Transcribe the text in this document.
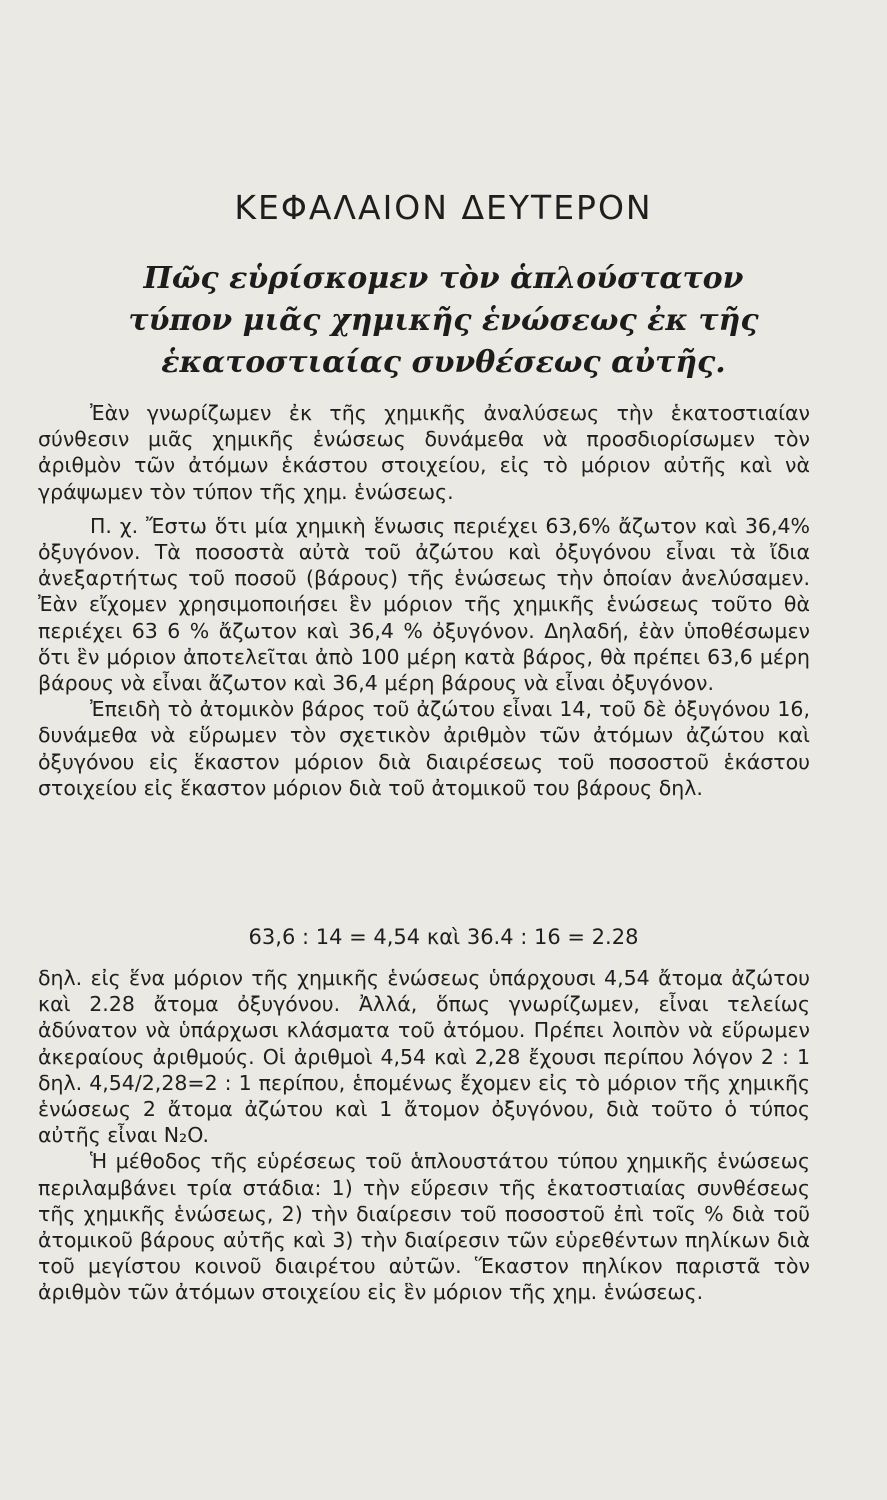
ΚΕΦΑΛΑΙΟΝ ΔΕΥΤΕΡΟΝ
Πῶς εὑρίσκομεν τὸν ἁπλούστατον τύπον μιᾶς χημικῆς ἑνώσεως ἐκ τῆς ἑκατοστιαίας συνθέσεως αὐτῆς.

Ἐὰν γνωρίζωμεν ἐκ τῆς χημικῆς ἀναλύσεως τὴν ἑκατοστιαίαν σύνθεσιν μιᾶς χημικῆς ἑνώσεως δυνάμεθα νὰ προσδιορίσωμεν τὸν ἀριθμὸν τῶν ἀτόμων ἑκάστου στοιχείου, εἰς τὸ μόριον αὐτῆς καὶ νὰ γράψωμεν τὸν τύπον τῆς χημ. ἑνώσεως.

Π. χ. Ἔστω ὅτι μία χημικὴ ἕνωσις περιέχει 63,6% ἄζωτον καὶ 36,4% ὀξυγόνον. Τὰ ποσοστὰ αὐτὰ τοῦ ἀζώτου καὶ ὀξυγόνου εἶναι τὰ ἴδια ἀνεξαρτήτως τοῦ ποσοῦ (βάρους) τῆς ἑνώσεως τὴν ὁποίαν ἀνελύσαμεν. Ἐὰν εἴχομεν χρησιμοποιήσει ἓν μόριον τῆς χημικῆς ἑνώσεως τοῦτο θὰ περιέχει 63 6 % ἄζωτον καὶ 36,4 % ὀξυγόνον. Δηλαδή, ἐὰν ὑποθέσωμεν ὅτι ἓν μόριον ἀποτελεῖται ἀπὸ 100 μέρη κατὰ βάρος, θὰ πρέπει 63,6 μέρη βάρους νὰ εἶναι ἄζωτον καὶ 36,4 μέρη βάρους νὰ εἶναι ὀξυγόνον.

Ἐπειδὴ τὸ ἀτομικὸν βάρος τοῦ ἀζώτου εἶναι 14, τοῦ δὲ ὀξυγόνου 16, δυνάμεθα νὰ εὕρωμεν τὸν σχετικὸν ἀριθμὸν τῶν ἀτόμων ἀζώτου καὶ ὀξυγόνου εἰς ἕκαστον μόριον διὰ διαιρέσεως τοῦ ποσοστοῦ ἑκάστου στοιχείου εἰς ἕκαστον μόριον διὰ τοῦ ἀτομικοῦ του βάρους δηλ.

63,6 : 14 = 4,54 καὶ 36.4 : 16 = 2.28

δηλ. εἰς ἕνα μόριον τῆς χημικῆς ἑνώσεως ὑπάρχουσι 4,54 ἄτομα ἀζώτου καὶ 2.28 ἄτομα ὀξυγόνου. Ἀλλά, ὅπως γνωρίζωμεν, εἶναι τελείως ἀδύνατον νὰ ὑπάρχωσι κλάσματα τοῦ ἀτόμου. Πρέπει λοιπὸν νὰ εὕρωμεν ἀκεραίους ἀριθμούς. Οἱ ἀριθμοὶ 4,54 καὶ 2,28 ἔχουσι περίπου λόγον 2 : 1 δηλ. 4,54/2,28=2 : 1 περίπου, ἑπομένως ἔχομεν εἰς τὸ μόριον τῆς χημικῆς ἑνώσεως 2 ἄτομα ἀζώτου καὶ 1 ἄτομον ὀξυγόνου, διὰ τοῦτο ὁ τύπος αὐτῆς εἶναι N₂O.

Ἡ μέθοδος τῆς εὑρέσεως τοῦ ἁπλουστάτου τύπου χημικῆς ἑνώσεως περιλαμβάνει τρία στάδια: 1) τὴν εὕρεσιν τῆς ἑκατοστιαίας συνθέσεως τῆς χημικῆς ἑνώσεως, 2) τὴν διαίρεσιν τοῦ ποσοστοῦ ἐπὶ τοῖς % διὰ τοῦ ἀτομικοῦ βάρους αὐτῆς καὶ 3) τὴν διαίρεσιν τῶν εὑρεθέντων πηλίκων διὰ τοῦ μεγίστου κοινοῦ διαιρέτου αὐτῶν. Ἕκαστον πηλίκον παριστᾶ τὸν ἀριθμὸν τῶν ἀτόμων στοιχείου εἰς ἓν μόριον τῆς χημ. ἑνώσεως.
